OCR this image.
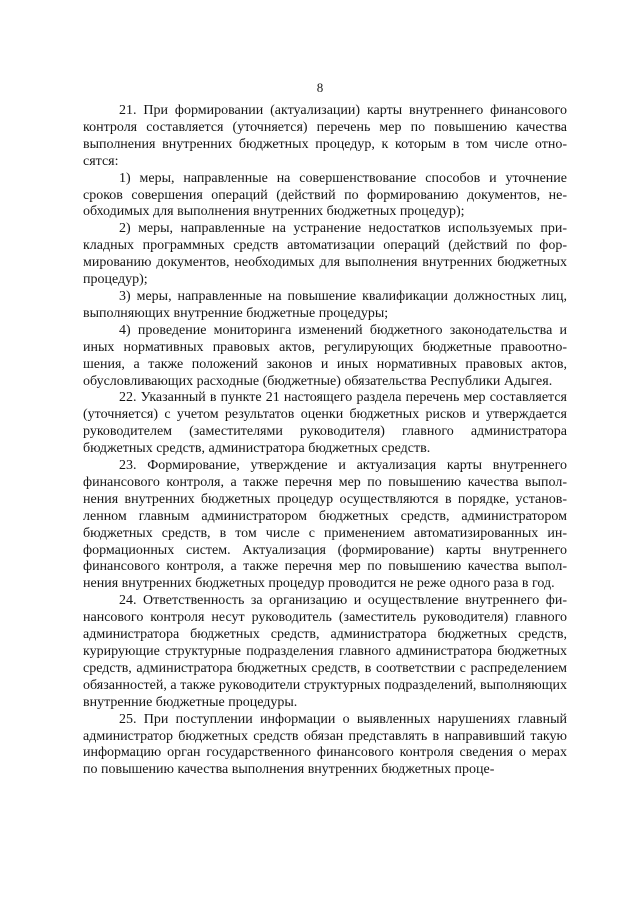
8

21. При формировании (актуализации) карты внутреннего финансового контроля составляется (уточняется) перечень мер по повышению качества выполнения внутренних бюджетных процедур, к которым в том числе относятся:

1) меры, направленные на совершенствование способов и уточнение сроков совершения операций (действий по формированию документов, необходимых для выполнения внутренних бюджетных процедур);

2) меры, направленные на устранение недостатков используемых прикладных программных средств автоматизации операций (действий по формированию документов, необходимых для выполнения внутренних бюджетных процедур);

3) меры, направленные на повышение квалификации должностных лиц, выполняющих внутренние бюджетные процедуры;

4) проведение мониторинга изменений бюджетного законодательства и иных нормативных правовых актов, регулирующих бюджетные правоотношения, а также положений законов и иных нормативных правовых актов, обусловливающих расходные (бюджетные) обязательства Республики Адыгея.

22. Указанный в пункте 21 настоящего раздела перечень мер составляется (уточняется) с учетом результатов оценки бюджетных рисков и утверждается руководителем (заместителями руководителя) главного администратора бюджетных средств, администратора бюджетных средств.

23. Формирование, утверждение и актуализация карты внутреннего финансового контроля, а также перечня мер по повышению качества выполнения внутренних бюджетных процедур осуществляются в порядке, установленном главным администратором бюджетных средств, администратором бюджетных средств, в том числе с применением автоматизированных информационных систем. Актуализация (формирование) карты внутреннего финансового контроля, а также перечня мер по повышению качества выполнения внутренних бюджетных процедур проводится не реже одного раза в год.

24. Ответственность за организацию и осуществление внутреннего финансового контроля несут руководитель (заместитель руководителя) главного администратора бюджетных средств, администратора бюджетных средств, курирующие структурные подразделения главного администратора бюджетных средств, администратора бюджетных средств, в соответствии с распределением обязанностей, а также руководители структурных подразделений, выполняющих внутренние бюджетные процедуры.

25. При поступлении информации о выявленных нарушениях главный администратор бюджетных средств обязан представлять в направивший такую информацию орган государственного финансового контроля сведения о мерах по повышению качества выполнения внутренних бюджетных проце-
